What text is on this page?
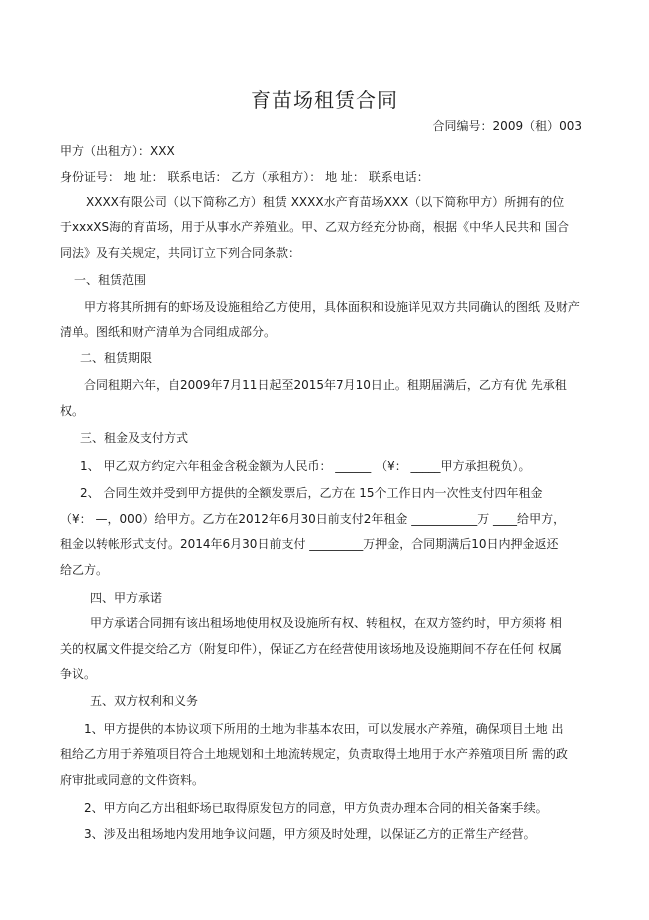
育苗场租赁合同
合同编号：2009（租）003
甲方（出租方）：XXX
身份证号： 地 址： 联系电话： 乙方（承租方）： 地 址： 联系电话：
XXXX有限公司（以下简称乙方）租赁 XXXX水产育苗场XXX（以下简称甲方）所拥有的位
于xxxXS海的育苗场，用于从事水产养殖业。甲、乙双方经充分协商，根据《中华人民共和 国合
同法》及有关规定，共同订立下列合同条款：
一、租赁范围
甲方将其所拥有的虾场及设施租给乙方使用，具体面积和设施详见双方共同确认的图纸 及财产
清单。图纸和财产清单为合同组成部分。
二、租赁期限
合同租期六年，自2009年7月11日起至2015年7月10日止。租期届满后，乙方有优 先承租
权。
三、租金及支付方式
1、 甲乙双方约定六年租金含税金额为人民币： ______ （¥： _____甲方承担税负）。
2、 合同生效并受到甲方提供的全额发票后，乙方在 15个工作日内一次性支付四年租金
（¥： —，000）给甲方。乙方在2012年6月30日前支付2年租金 ___________万 ____给甲方，
租金以转帐形式支付。2014年6月30日前支付 _________万押金，合同期满后10日内押金返还
给乙方。
四、甲方承诺
甲方承诺合同拥有该出租场地使用权及设施所有权、转租权，在双方签约时，甲方须将 相
关的权属文件提交给乙方（附复印件），保证乙方在经营使用该场地及设施期间不存在任何 权属
争议。
五、双方权利和义务
1、甲方提供的本协议项下所用的土地为非基本农田，可以发展水产养殖，确保项目土地 出
租给乙方用于养殖项目符合土地规划和土地流转规定，负责取得土地用于水产养殖项目所 需的政
府审批或同意的文件资料。
2、甲方向乙方出租虾场已取得原发包方的同意，甲方负责办理本合同的相关备案手续。
3、涉及出租场地内发用地争议问题，甲方须及时处理，以保证乙方的正常生产经营。
